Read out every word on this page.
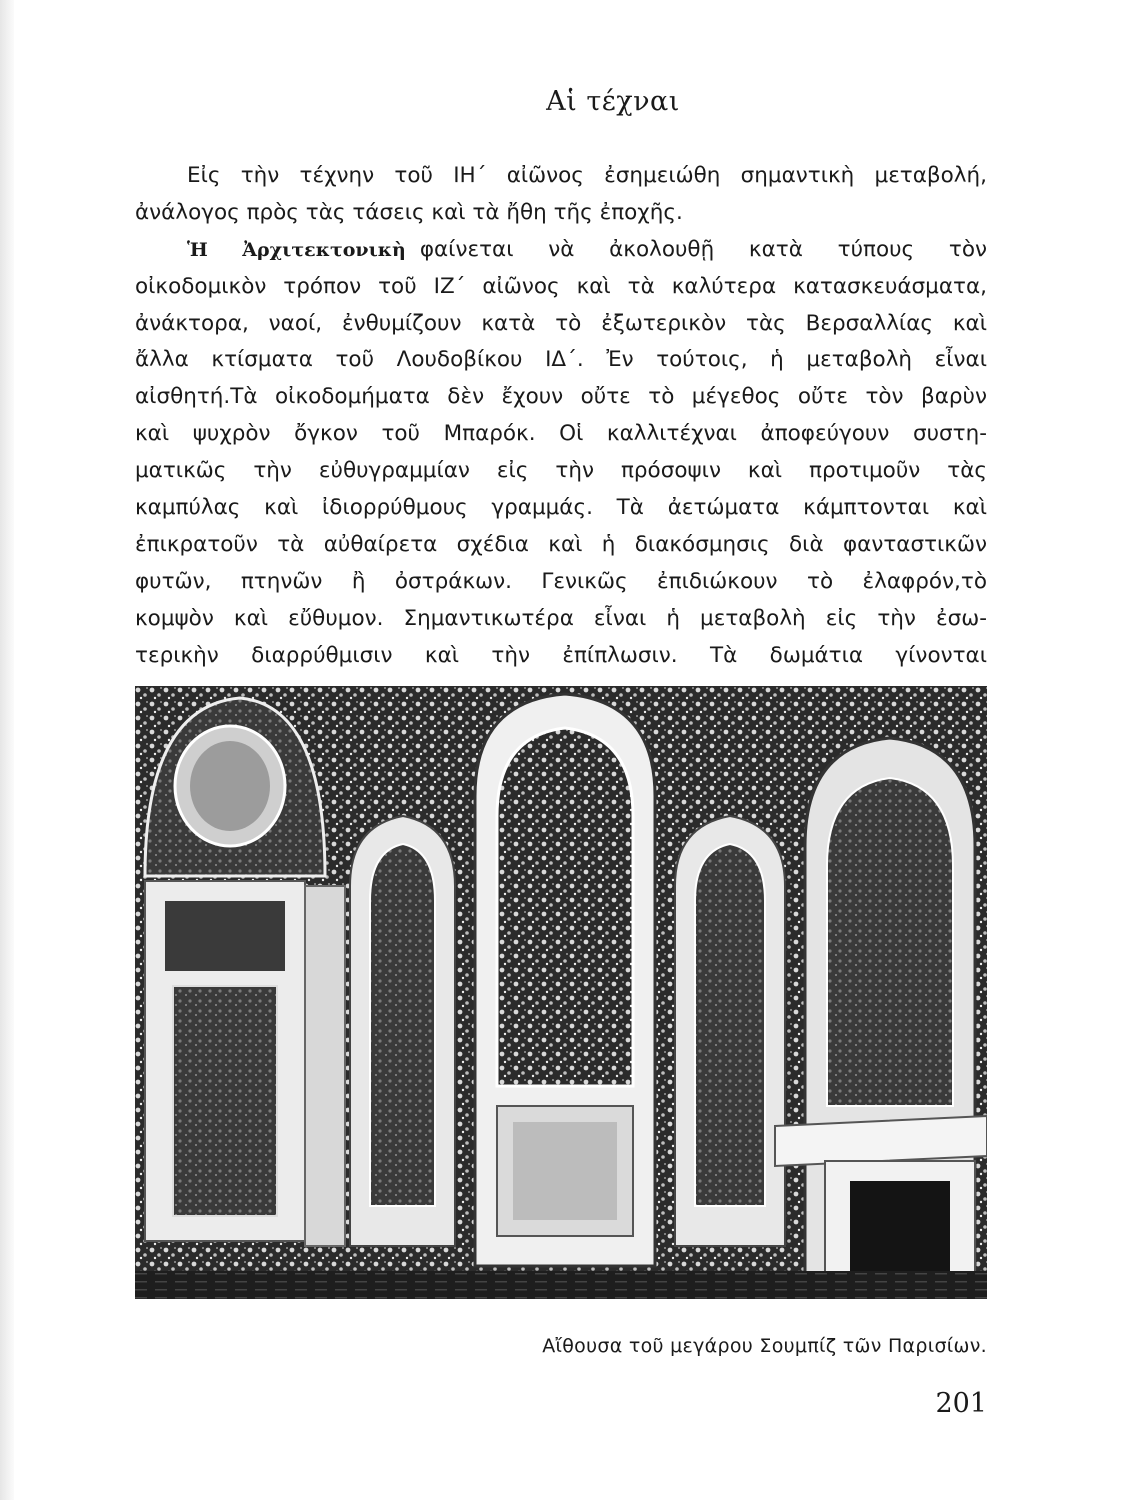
Αἱ τέχναι
Εἰς τὴν τέχνην τοῦ ΙΗ΄ αἰῶνος ἐσημειώθη σημαντικὴ μεταβολή,
ἀνάλογος πρὸς τὰς τάσεις καὶ τὰ ἤθη τῆς ἐποχῆς.
Ἡ Ἀρχιτεκτονικὴ φαίνεται νὰ ἀκολουθῇ κατὰ τύπους τὸν
οἰκοδομικὸν τρόπον τοῦ ΙΖ΄ αἰῶνος καὶ τὰ καλύτερα κατασκευάσματα,
ἀνάκτορα, ναοί, ἐνθυμίζουν κατὰ τὸ ἐξωτερικὸν τὰς Βερσαλλίας καὶ
ἄλλα κτίσματα τοῦ Λουδοβίκου ΙΔ΄. Ἐν τούτοις, ἡ μεταβολὴ εἶναι
αἰσθητή.Τὰ οἰκοδομήματα δὲν ἔχουν οὔτε τὸ μέγεθος οὔτε τὸν βαρὺν
καὶ ψυχρὸν ὄγκον τοῦ Μπαρόκ. Οἱ καλλιτέχναι ἀποφεύγουν συστη-
ματικῶς τὴν εὐθυγραμμίαν εἰς τὴν πρόσοψιν καὶ προτιμοῦν τὰς
καμπύλας καὶ ἰδιορρύθμους γραμμάς. Τὰ ἀετώματα κάμπτονται καὶ
ἐπικρατοῦν τὰ αὐθαίρετα σχέδια καὶ ἡ διακόσμησις διὰ φανταστικῶν
φυτῶν, πτηνῶν ἢ ὀστράκων. Γενικῶς ἐπιδιώκουν τὸ ἐλαφρόν,τὸ
κομψὸν καὶ εὔθυμον. Σημαντικωτέρα εἶναι ἡ μεταβολὴ εἰς τὴν ἐσω-
τερικὴν διαρρύθμισιν καὶ τὴν ἐπίπλωσιν. Τὰ δωμάτια γίνονται
Αἴθουσα τοῦ μεγάρου Σουμπίζ τῶν Παρισίων.
201
